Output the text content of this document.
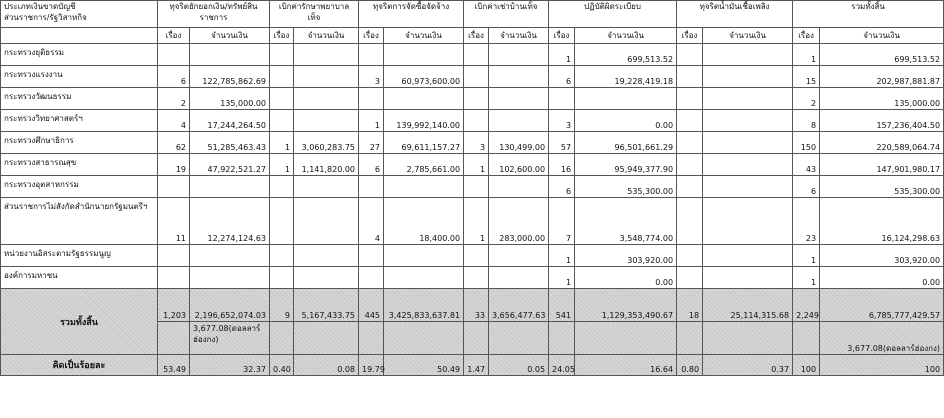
ประเภทเงินขาดบัญชี
ส่วนราชการ/รัฐวิสาหกิจ	ทุจริตยักยอกเงิน/ทรัพย์สินราชการ		เบิกค่ารักษาพยาบาลเท็จ		ทุจริตการจัดซื้อจัดจ้าง		เบิกค่าเช่าบ้านเท็จ		ปฏิบัติผิดระเบียบ		ทุจริตน้ำมันเชื้อเพลิง		รวมทั้งสิ้น	
	เรื่อง	จำนวนเงิน	เรื่อง	จำนวนเงิน	เรื่อง	จำนวนเงิน	เรื่อง	จำนวนเงิน	เรื่อง	จำนวนเงิน	เรื่อง	จำนวนเงิน	เรื่อง	จำนวนเงิน
กระทรวงยุติธรรม									1	699,513.52			1	699,513.52
กระทรวงแรงงาน	6	122,785,862.69			3	60,973,600.00			6	19,228,419.18			15	202,987,881.87
กระทรวงวัฒนธรรม	2	135,000.00											2	135,000.00
กระทรวงวิทยาศาสตร์ฯ	4	17,244,264.50			1	139,992,140.00			3	0.00			8	157,236,404.50
กระทรวงศึกษาธิการ	62	51,285,463.43	1	3,060,283.75	27	69,611,157.27	3	130,499.00	57	96,501,661.29			150	220,589,064.74
กระทรวงสาธารณสุข	19	47,922,521.27	1	1,141,820.00	6	2,785,661.00	1	102,600.00	16	95,949,377.90			43	147,901,980.17
กระทรวงอุตสาหกรรม									6	535,300.00			6	535,300.00
ส่วนราชการไม่สังกัดสำนักนายกรัฐมนตรีฯ	11	12,274,124.63			4	18,400.00	1	283,000.00	7	3,548,774.00			23	16,124,298.63
หน่วยงานอิสระตามรัฐธรรมนูญ									1	303,920.00			1	303,920.00
องค์การมหาชน									1	0.00			1	0.00
รวมทั้งสิ้น	1,203	2,196,652,074.03	9	5,167,433.75	445	3,425,833,637.81	33	3,656,477.63	541	1,129,353,490.67	18	25,114,315.68	2,249	6,785,777,429.57
		3,677.08(ดอลลาร์ฮ่องกง)												3,677.08(ดอลลาร์ฮ่องกง)
คิดเป็นร้อยละ	53.49	32.37	0.40	0.08	19.79	50.49	1.47	0.05	24.05	16.64	0.80	0.37	100	100
